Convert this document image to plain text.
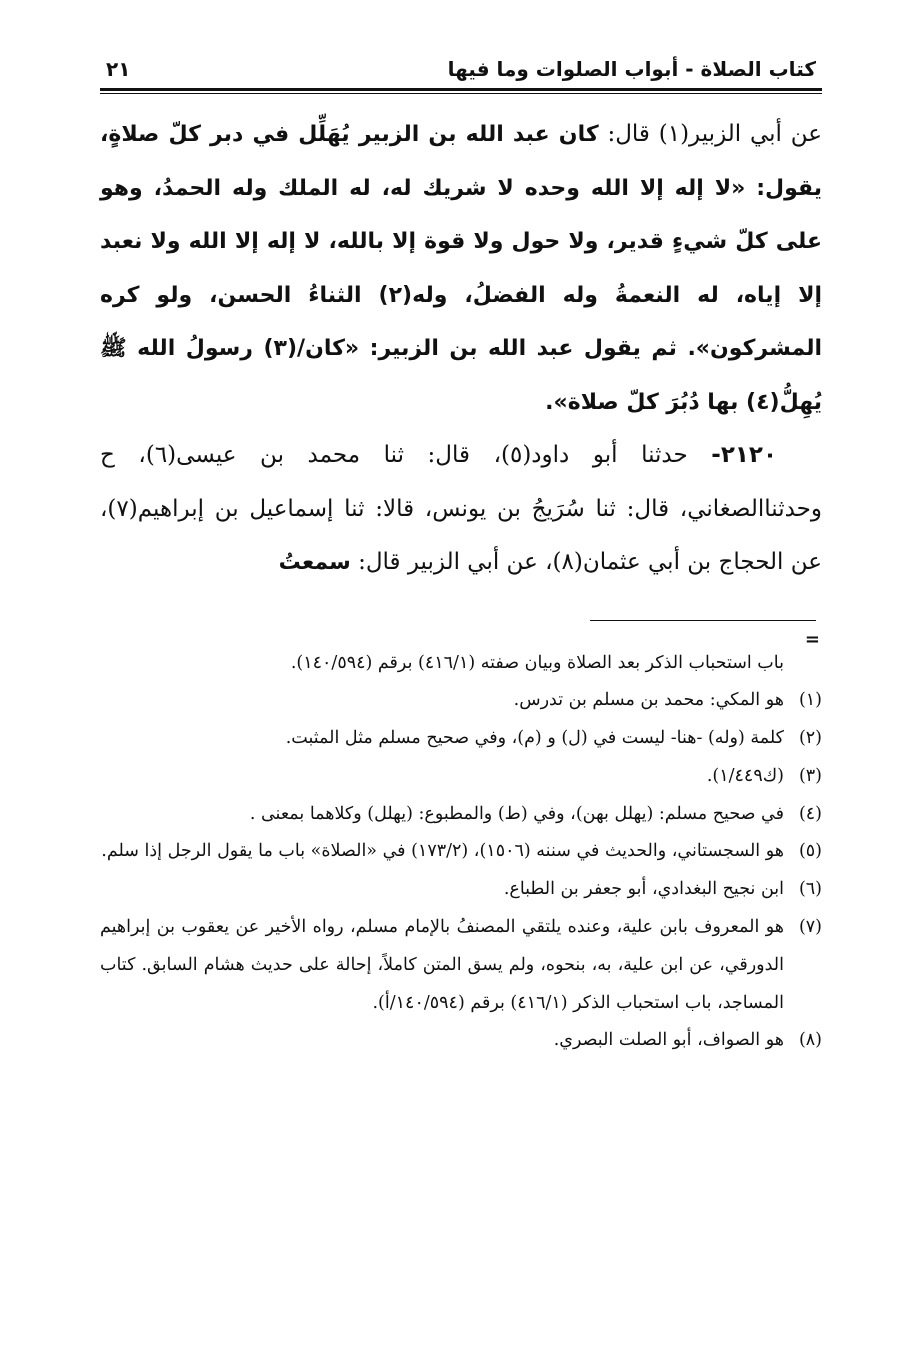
كتاب الصلاة - أبواب الصلوات وما فيها
٢١

عن أبي الزبير(١) قال: كان عبد الله بن الزبير يُهَلِّل في دبر كلّ صلاةٍ، يقول: «لا إله إلا الله وحده لا شريك له، له الملك وله الحمدُ، وهو على كلّ شيءٍ قدير، ولا حول ولا قوة إلا بالله، لا إله إلا الله ولا نعبد إلا إياه، له النعمةُ وله الفضلُ، وله(٢) الثناءُ الحسن، ولو كره المشركون». ثم يقول عبد الله بن الزبير: «كان/(٣) رسولُ الله ﷺ يُهِلُّ(٤) بها دُبُرَ كلّ صلاة».

٢١٢٠- حدثنا أبو داود(٥)، قال: ثنا محمد بن عيسى(٦)، ح وحدثناالصغاني، قال: ثنا سُرَيجُ بن يونس، قالا: ثنا إسماعيل بن إبراهيم(٧)، عن الحجاج بن أبي عثمان(٨)، عن أبي الزبير قال: سمعتُ

=
باب استحباب الذكر بعد الصلاة وبيان صفته (٤١٦/١) برقم (١٤٠/٥٩٤).
(١)
هو المكي: محمد بن مسلم بن تدرس.
(٢)
كلمة (وله) -هنا- ليست في (ل) و (م)، وفي صحيح مسلم مثل المثبت.
(٣)
(ك١/٤٤٩).
(٤)
في صحيح مسلم: (يهلل بهن)، وفي (ط) والمطبوع: (يهلل) وكلاهما بمعنى .
(٥)
هو السجستاني، والحديث في سننه (١٥٠٦)، (١٧٣/٢) في «الصلاة» باب ما يقول الرجل إذا سلم.
(٦)
ابن نجيح البغدادي، أبو جعفر بن الطباع.
(٧)
هو المعروف بابن علية، وعنده يلتقي المصنفُ بالإمام مسلم، رواه الأخير عن يعقوب بن إبراهيم الدورقي، عن ابن علية، به، بنحوه، ولم يسق المتن كاملاً، إحالة على حديث هشام السابق. كتاب المساجد، باب استحباب الذكر (٤١٦/١) برقم (١٤٠/٥٩٤/أ).
(٨)
هو الصواف، أبو الصلت البصري.
